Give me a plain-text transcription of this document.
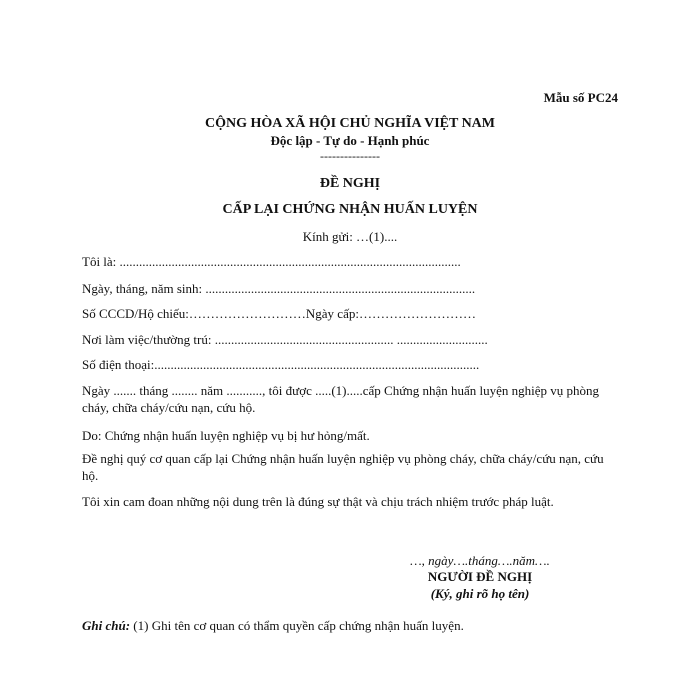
Mẫu số PC24
CỘNG HÒA XÃ HỘI CHỦ NGHĨA VIỆT NAM
Độc lập - Tự do - Hạnh phúc
---------------
ĐỀ NGHỊ
CẤP LẠI CHỨNG NHẬN HUẤN LUYỆN
Kính gửi: …(1)....
Tôi là: .........................................................................................................
Ngày, tháng, năm sinh: ...................................................................................
Số CCCD/Hộ chiếu:………………………Ngày cấp:………………………
Nơi làm việc/thường trú: ....................................................... ............................
Số điện thoại:....................................................................................................
Ngày ....... tháng ........ năm ..........., tôi được .....(1).....cấp Chứng nhận huấn luyện nghiệp vụ phòng cháy, chữa cháy/cứu nạn, cứu hộ.
Do: Chứng nhận huấn luyện nghiệp vụ bị hư hỏng/mất.
Đề nghị quý cơ quan cấp lại Chứng nhận huấn luyện nghiệp vụ phòng cháy, chữa cháy/cứu nạn, cứu hộ.
Tôi xin cam đoan những nội dung trên là đúng sự thật và chịu trách nhiệm trước pháp luật.
…, ngày….tháng….năm….
NGƯỜI ĐỀ NGHỊ
(Ký, ghi rõ họ tên)
Ghi chú: (1) Ghi tên cơ quan có thẩm quyền cấp chứng nhận huấn luyện.
